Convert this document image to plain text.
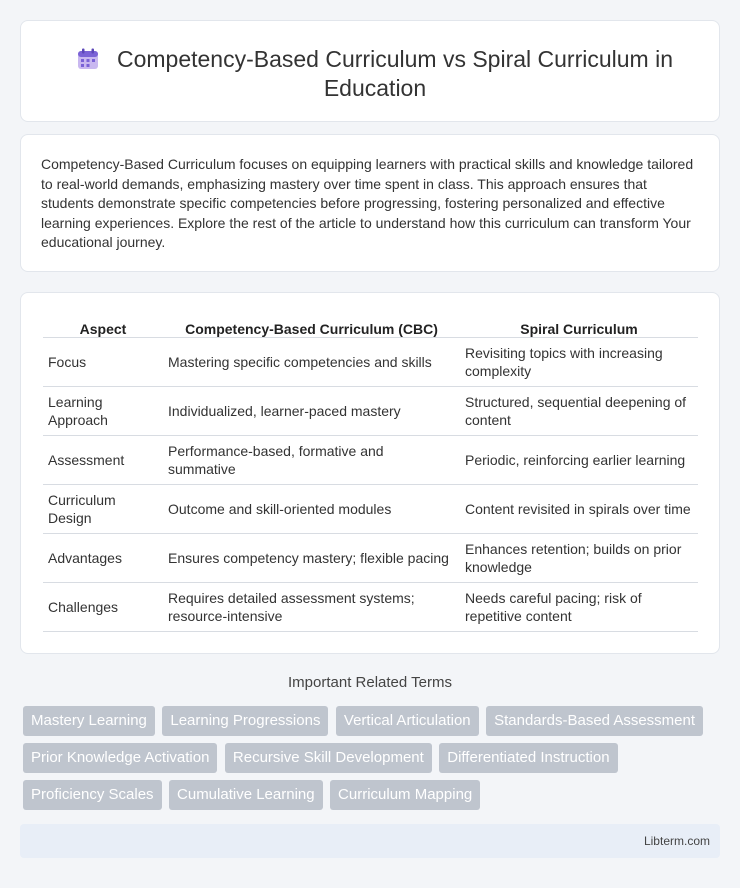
Competency-Based Curriculum vs Spiral Curriculum in Education

Competency-Based Curriculum focuses on equipping learners with practical skills and knowledge tailored to real-world demands, emphasizing mastery over time spent in class. This approach ensures that students demonstrate specific competencies before progressing, fostering personalized and effective learning experiences. Explore the rest of the article to understand how this curriculum can transform Your educational journey.

Aspect	Competency-Based Curriculum (CBC)	Spiral Curriculum
Focus	Mastering specific competencies and skills	Revisiting topics with increasing complexity
Learning Approach	Individualized, learner-paced mastery	Structured, sequential deepening of content
Assessment	Performance-based, formative and summative	Periodic, reinforcing earlier learning
Curriculum Design	Outcome and skill-oriented modules	Content revisited in spirals over time
Advantages	Ensures competency mastery; flexible pacing	Enhances retention; builds on prior knowledge
Challenges	Requires detailed assessment systems; resource-intensive	Needs careful pacing; risk of repetitive content
Important Related Terms
Mastery Learning Learning Progressions Vertical Articulation Standards-Based Assessment Prior Knowledge Activation Recursive Skill Development Differentiated Instruction Proficiency Scales Cumulative Learning Curriculum Mapping
Libterm.com
